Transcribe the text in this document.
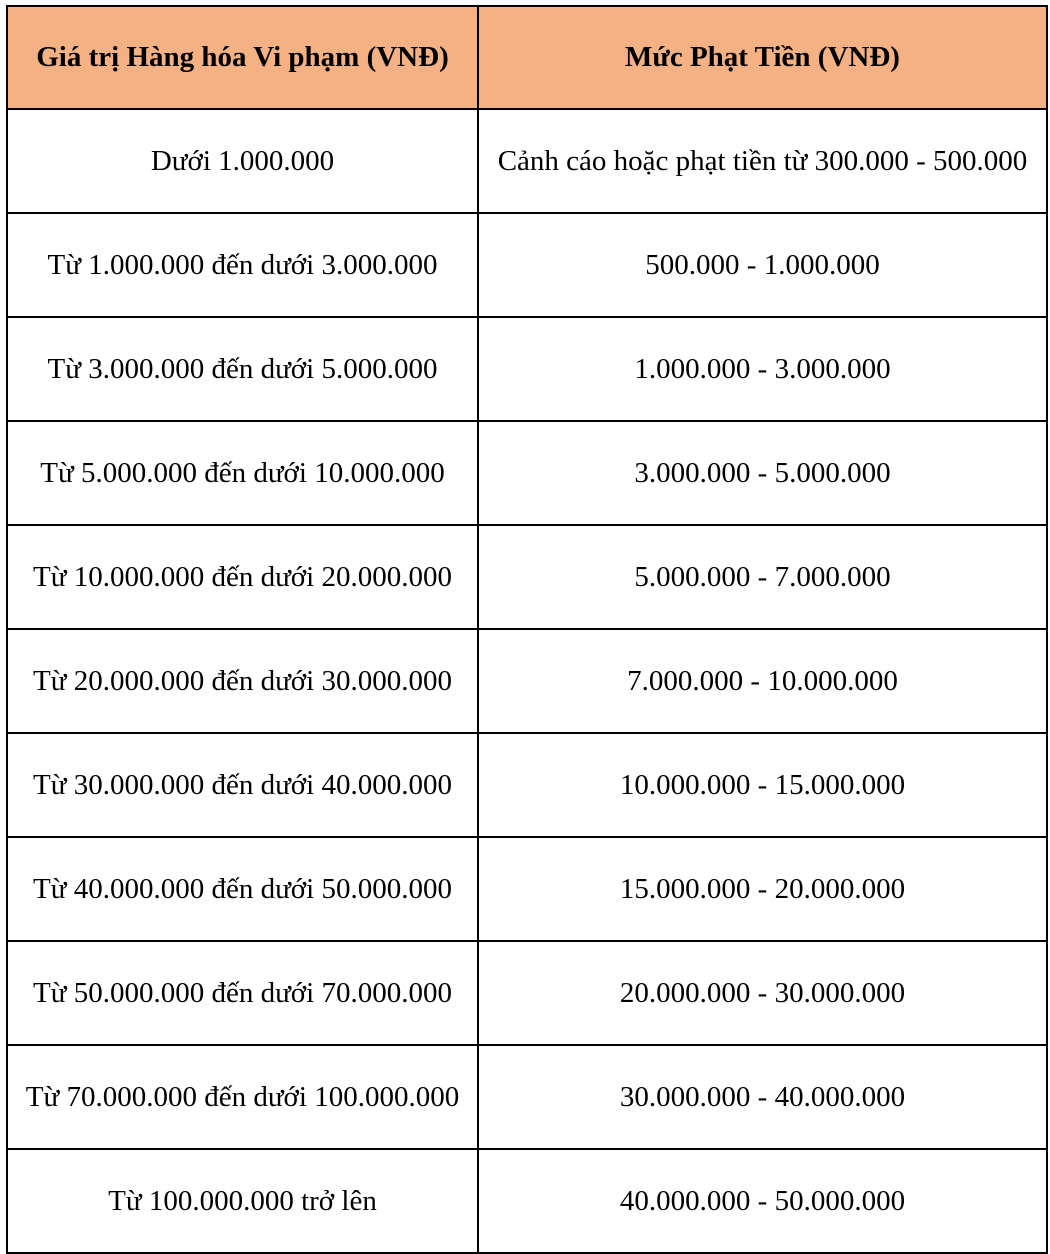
Giá trị Hàng hóa Vi phạm (VNĐ)	Mức Phạt Tiền (VNĐ)
Dưới 1.000.000	Cảnh cáo hoặc phạt tiền từ 300.000 - 500.000
Từ 1.000.000 đến dưới 3.000.000	500.000 - 1.000.000
Từ 3.000.000 đến dưới 5.000.000	1.000.000 - 3.000.000
Từ 5.000.000 đến dưới 10.000.000	3.000.000 - 5.000.000
Từ 10.000.000 đến dưới 20.000.000	5.000.000 - 7.000.000
Từ 20.000.000 đến dưới 30.000.000	7.000.000 - 10.000.000
Từ 30.000.000 đến dưới 40.000.000	10.000.000 - 15.000.000
Từ 40.000.000 đến dưới 50.000.000	15.000.000 - 20.000.000
Từ 50.000.000 đến dưới 70.000.000	20.000.000 - 30.000.000
Từ 70.000.000 đến dưới 100.000.000	30.000.000 - 40.000.000
Từ 100.000.000 trở lên	40.000.000 - 50.000.000
